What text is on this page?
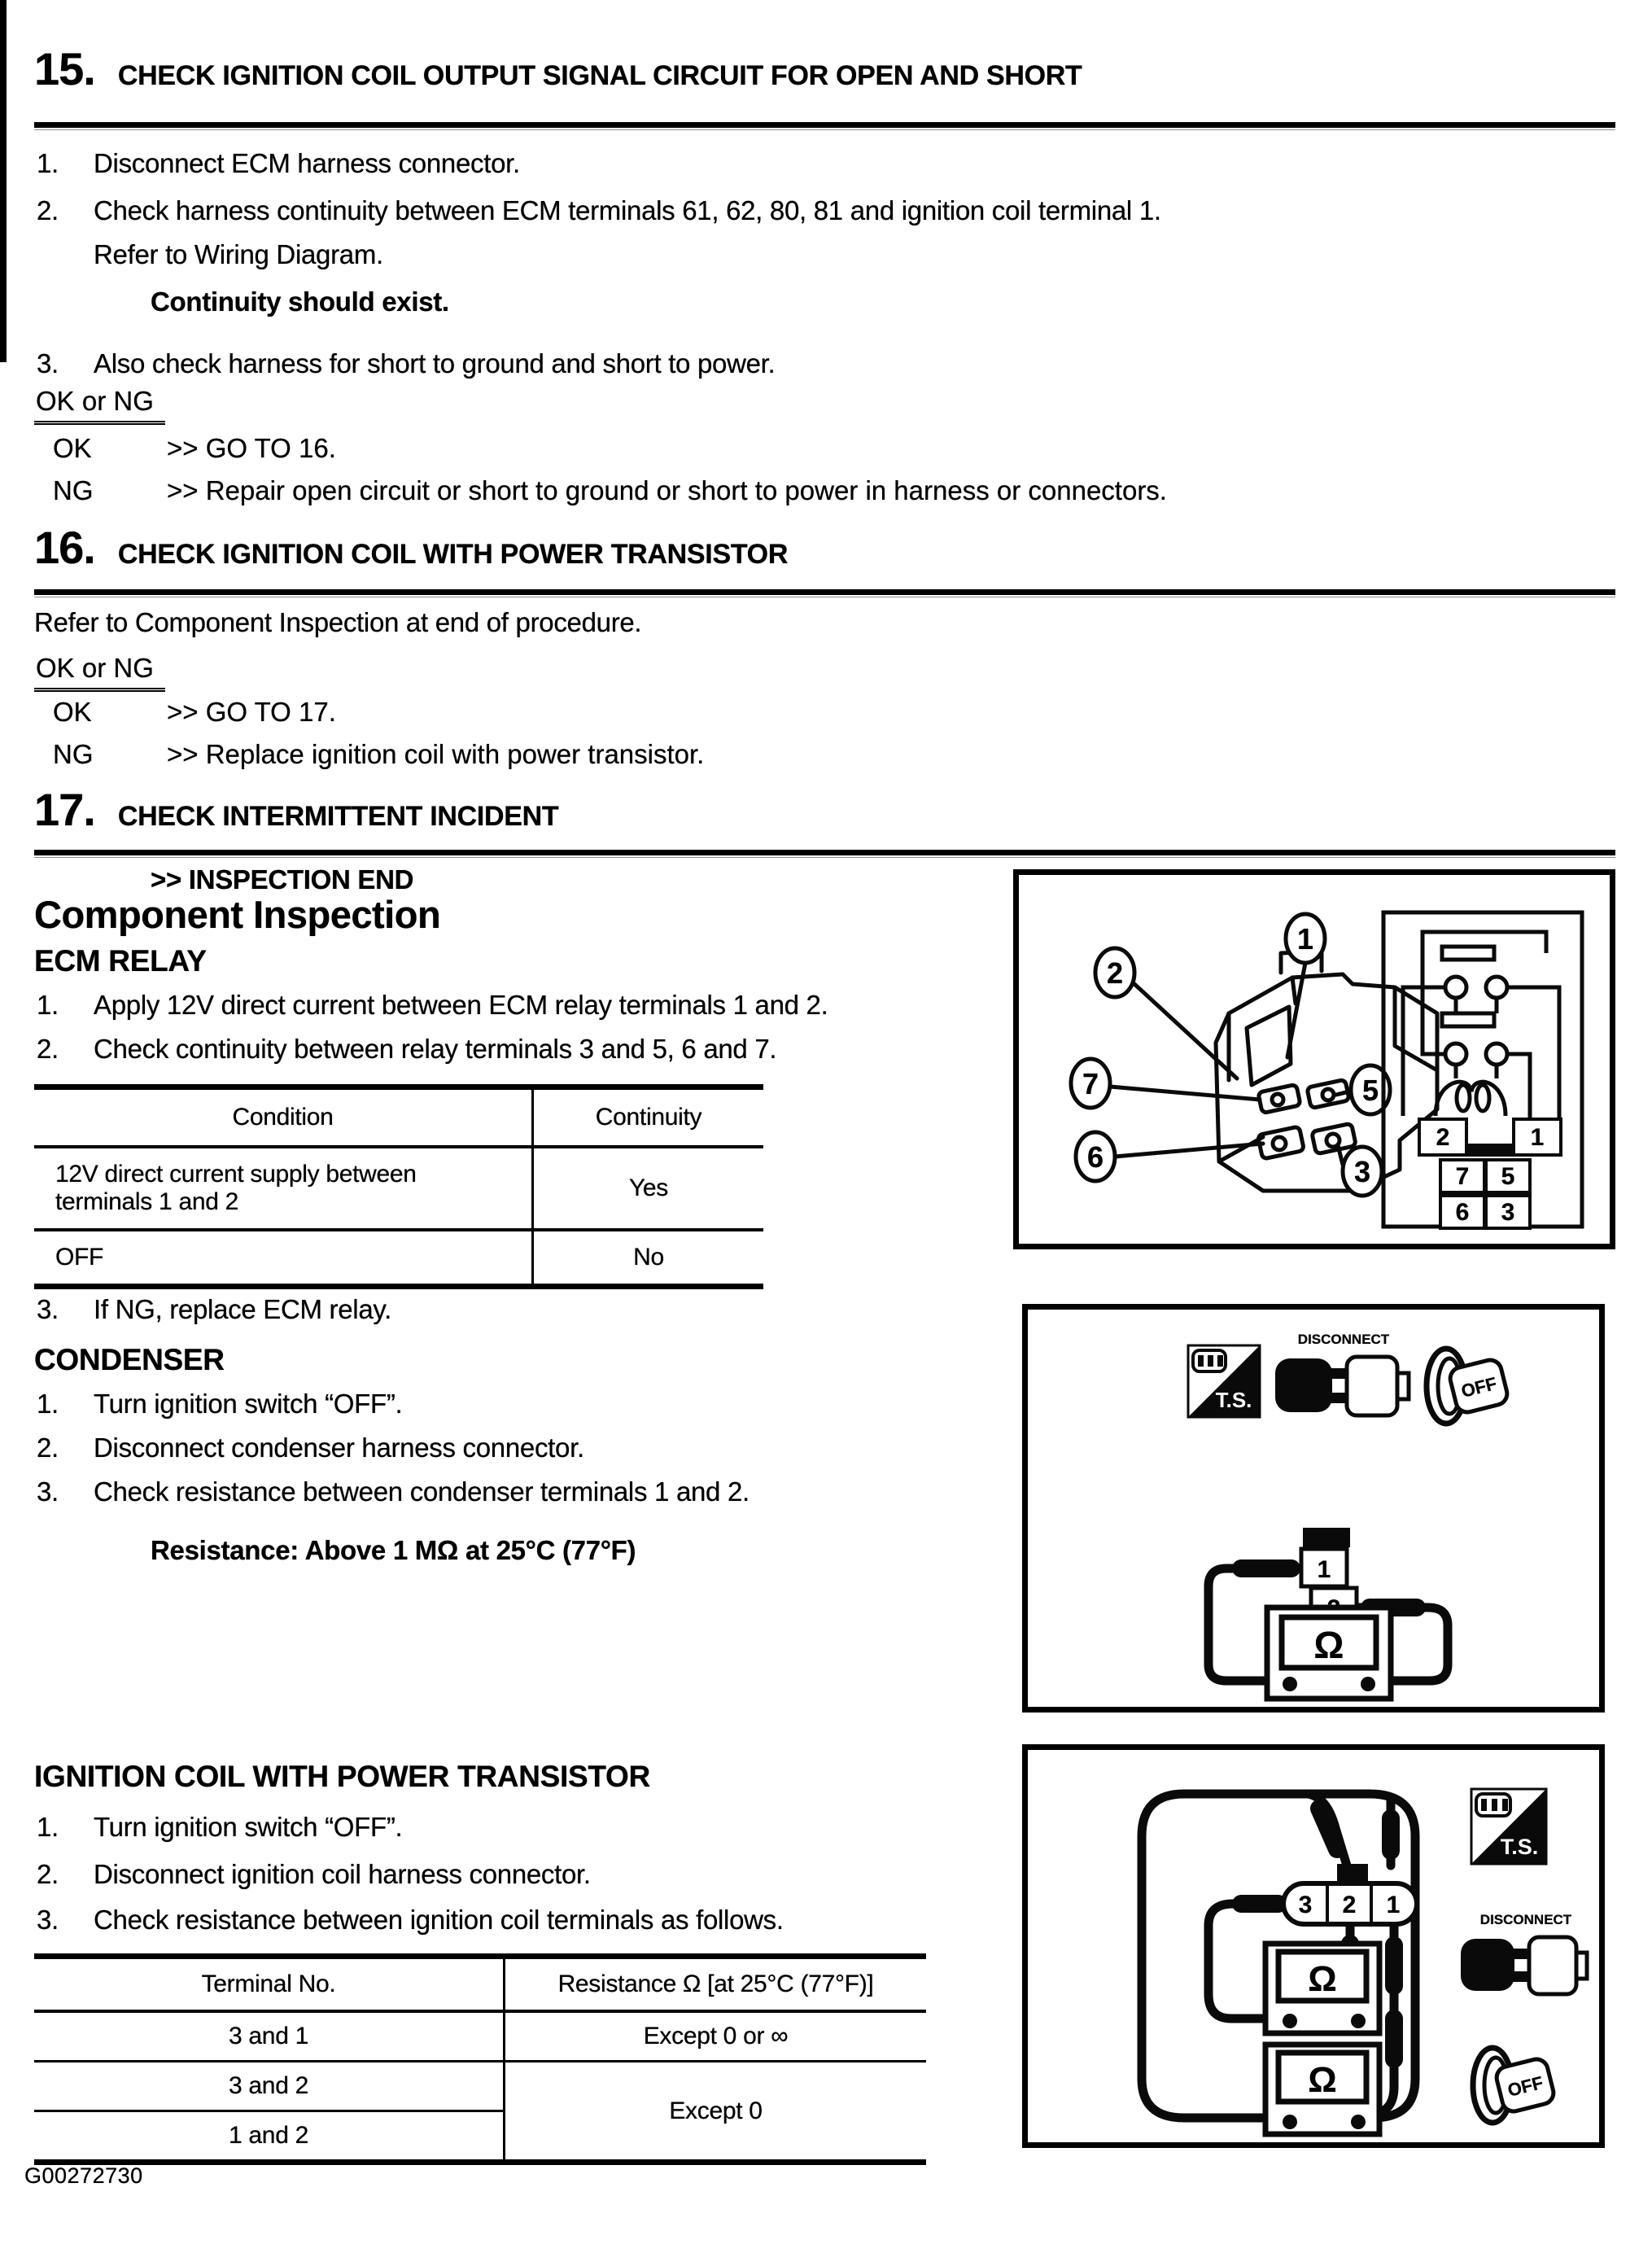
15. CHECK IGNITION COIL OUTPUT SIGNAL CIRCUIT FOR OPEN AND SHORT
1. Disconnect ECM harness connector.
2. Check harness continuity between ECM terminals 61, 62, 80, 81 and ignition coil terminal 1.
Refer to Wiring Diagram.
Continuity should exist.
3. Also check harness for short to ground and short to power.
OK or NG
OK	>> GO TO 16.
NG	>> Repair open circuit or short to ground or short to power in harness or connectors.
16. CHECK IGNITION COIL WITH POWER TRANSISTOR
Refer to Component Inspection at end of procedure.
OK or NG
OK	>> GO TO 17.
NG	>> Replace ignition coil with power transistor.
17. CHECK INTERMITTENT INCIDENT
>> INSPECTION END
Component Inspection
ECM RELAY
1. Apply 12V direct current between ECM relay terminals 1 and 2.
2. Check continuity between relay terminals 3 and 5, 6 and 7.
Condition	Continuity
12V direct current supply between terminals 1 and 2	Yes
OFF	No
3. If NG, replace ECM relay.
CONDENSER
1. Turn ignition switch “OFF”.
2. Disconnect condenser harness connector.
3. Check resistance between condenser terminals 1 and 2.
Resistance: Above 1 MΩ at 25°C (77°F)
IGNITION COIL WITH POWER TRANSISTOR
1. Turn ignition switch “OFF”.
2. Disconnect ignition coil harness connector.
3. Check resistance between ignition coil terminals as follows.
Terminal No.	Resistance Ω [at 25°C (77°F)]
3 and 1	Except 0 or ∞
3 and 2	Except 0
1 and 2	
G00272730
1
2
7
6
5
3
2	1
7 5
6 3
T.S.
DISCONNECT
OFF
1
Ω
3 2 1
Ω
Ω
T.S.
DISCONNECT
OFF
